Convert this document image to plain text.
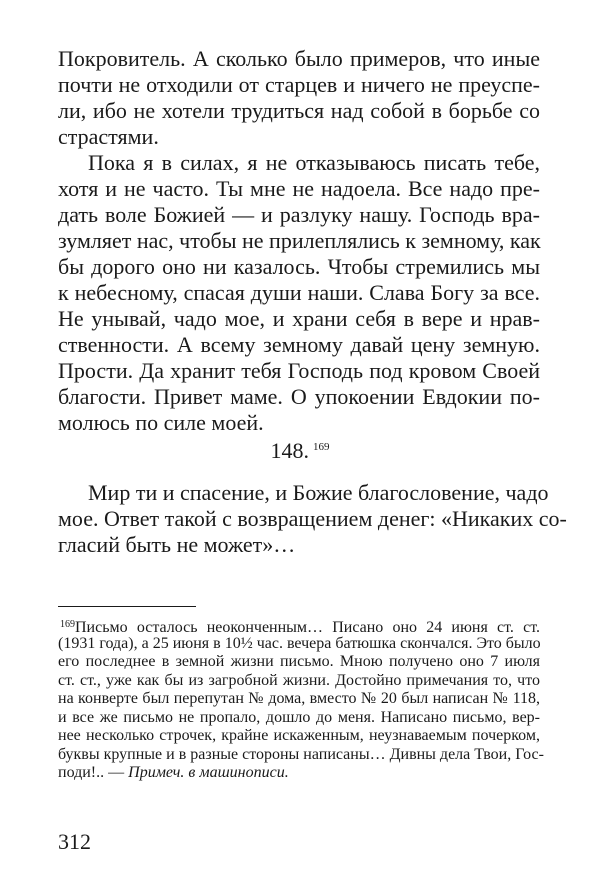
Покровитель. А сколько было примеров, что иные
почти не отходили от старцев и ничего не преуспе-
ли, ибо не хотели трудиться над собой в борьбе со
страстями.
Пока я в силах, я не отказываюсь писать тебе,
хотя и не часто. Ты мне не надоела. Все надо пре-
дать воле Божией — и разлуку нашу. Господь вра-
зумляет нас, чтобы не прилеплялись к земному, как
бы дорого оно ни казалось. Чтобы стремились мы
к небесному, спасая души наши. Слава Богу за все.
Не унывай, чадо мое, и храни себя в вере и нрав-
ственности. А всему земному давай цену земную.
Прости. Да хранит тебя Господь под кровом Своей
благости. Привет маме. О упокоении Евдокии по-
молюсь по силе моей.
148. $^{169}$
Мир ти и спасение, и Божие благословение, чадо
мое. Ответ такой с возвращением денег: «Никаких со-
гласий быть не может»…
$^{169}$Письмо осталось неоконченным… Писано оно 24 июня ст. ст.
(1931 года), а 25 июня в 10½ час. вечера батюшка скончался. Это было
его последнее в земной жизни письмо. Мною получено оно 7 июля
ст. ст., уже как бы из загробной жизни. Достойно примечания то, что
на конверте был перепутан № дома, вместо № 20 был написан № 118,
и все же письмо не пропало, дошло до меня. Написано письмо, вер-
нее несколько строчек, крайне искаженным, неузнаваемым почерком,
буквы крупные и в разные стороны написаны… Дивны дела Твои, Гос-
поди!.. — Примеч. в машинописи.
312
